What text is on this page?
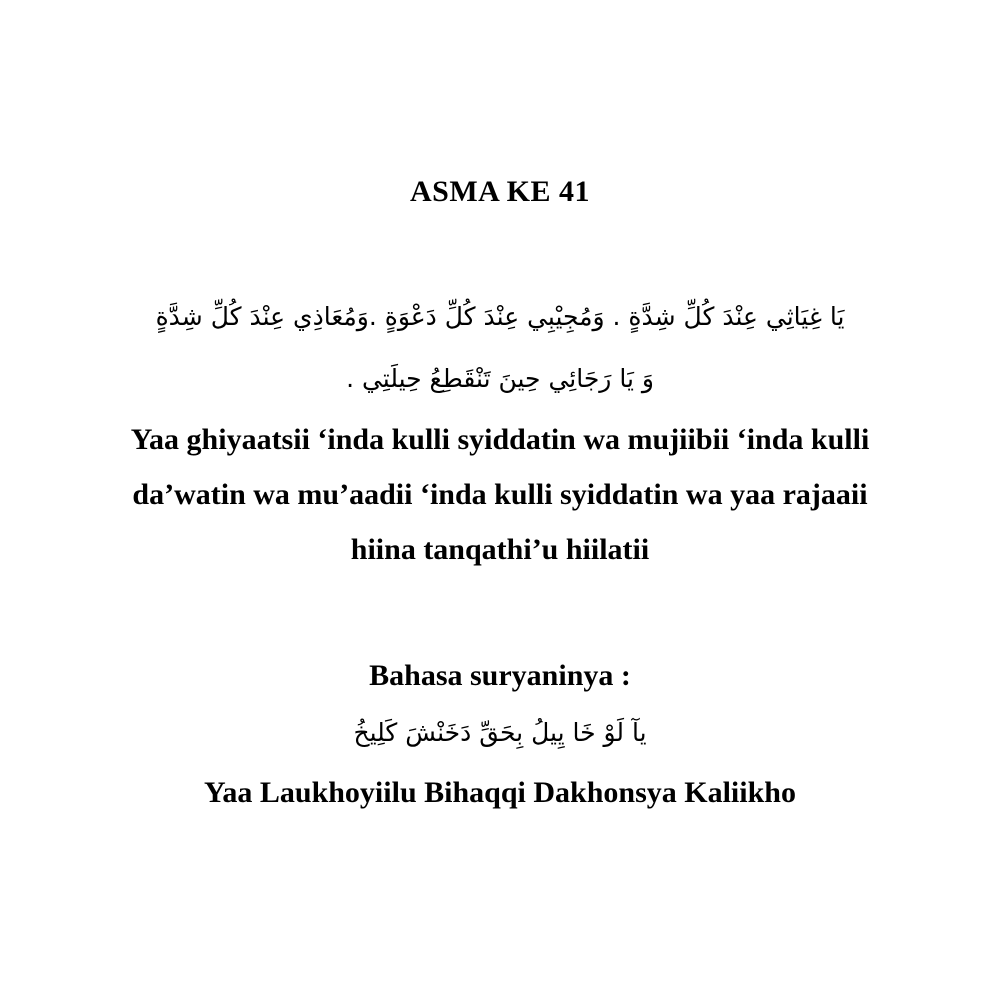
ASMA KE 41
يَا غِيَاثِي عِنْدَ كُلِّ شِدَّةٍ . وَمُجِيْبِي عِنْدَ كُلِّ دَعْوَةٍ .وَمُعَاذِي عِنْدَ كُلِّ شِدَّةٍ
وَ يَا رَجَائِي حِينَ تَنْقَطِعُ حِيلَتِي .
Yaa ghiyaatsii ‘inda kulli syiddatin wa mujiibii ‘inda kulli
da’watin wa mu’aadii ‘inda kulli syiddatin wa yaa rajaaii
hiina tanqathi’u hiilatii
Bahasa suryaninya :
يآ لَوْ خَا يِيلُ بِحَقِّ دَخَنْشَ كَلِيخُ
Yaa Laukhoyiilu Bihaqqi Dakhonsya Kaliikho
